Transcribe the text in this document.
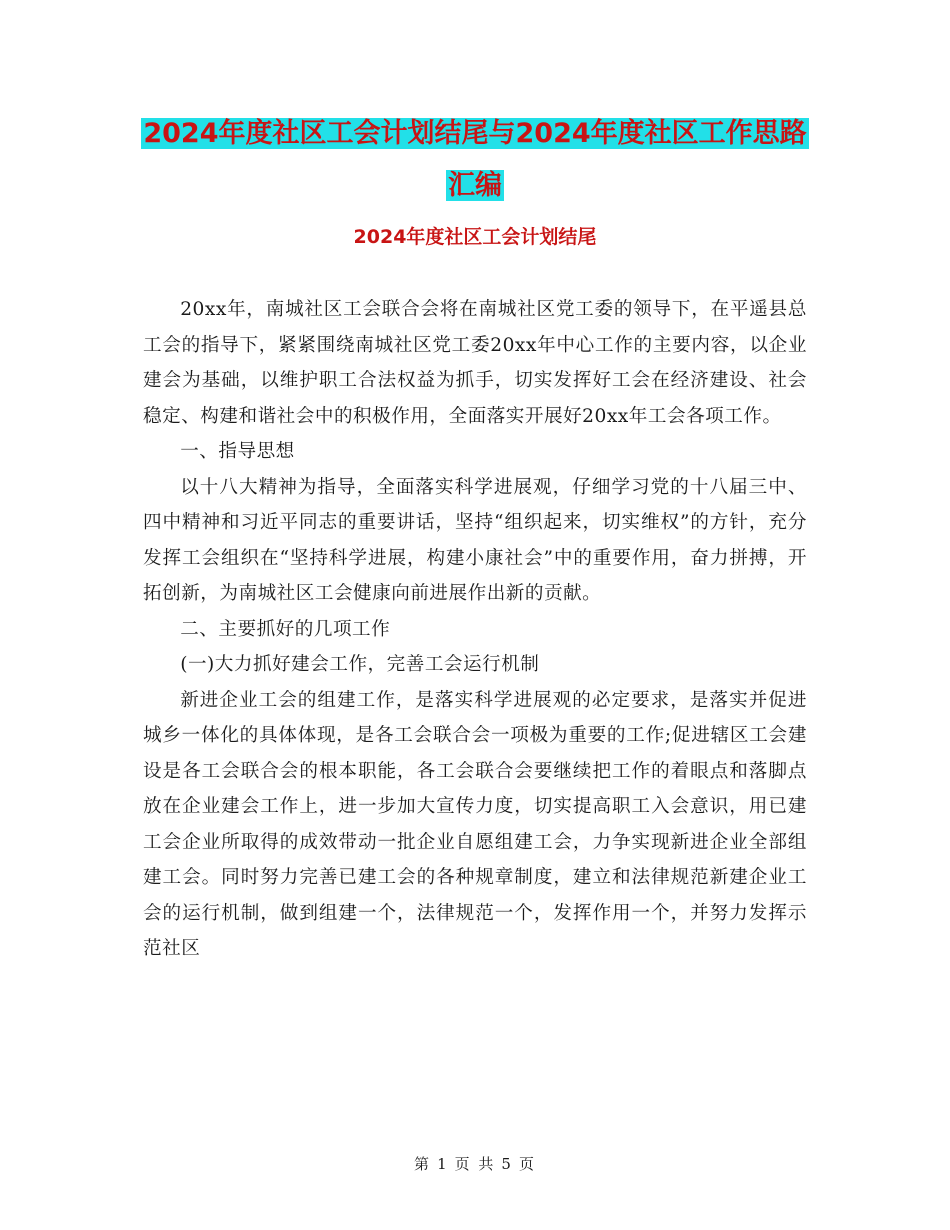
2024年度社区工会计划结尾与2024年度社区工作思路
汇编
2024年度社区工会计划结尾

20xx年，南城社区工会联合会将在南城社区党工委的领导下，在平遥县总工会的指导下，紧紧围绕南城社区党工委20xx年中心工作的主要内容，以企业建会为基础，以维护职工合法权益为抓手，切实发挥好工会在经济建设、社会稳定、构建和谐社会中的积极作用，全面落实开展好20xx年工会各项工作。

一、指导思想

以十八大精神为指导，全面落实科学进展观，仔细学习党的十八届三中、四中精神和习近平同志的重要讲话，坚持“组织起来，切实维权”的方针，充分发挥工会组织在“坚持科学进展，构建小康社会”中的重要作用，奋力拼搏，开拓创新，为南城社区工会健康向前进展作出新的贡献。

二、主要抓好的几项工作

(一)大力抓好建会工作，完善工会运行机制

新进企业工会的组建工作，是落实科学进展观的必定要求，是落实并促进城乡一体化的具体体现，是各工会联合会一项极为重要的工作;促进辖区工会建设是各工会联合会的根本职能，各工会联合会要继续把工作的着眼点和落脚点放在企业建会工作上，进一步加大宣传力度，切实提高职工入会意识，用已建工会企业所取得的成效带动一批企业自愿组建工会，力争实现新进企业全部组建工会。同时努力完善已建工会的各种规章制度，建立和法律规范新建企业工会的运行机制，做到组建一个，法律规范一个，发挥作用一个，并努力发挥示范社区

第 1 页 共 5 页
